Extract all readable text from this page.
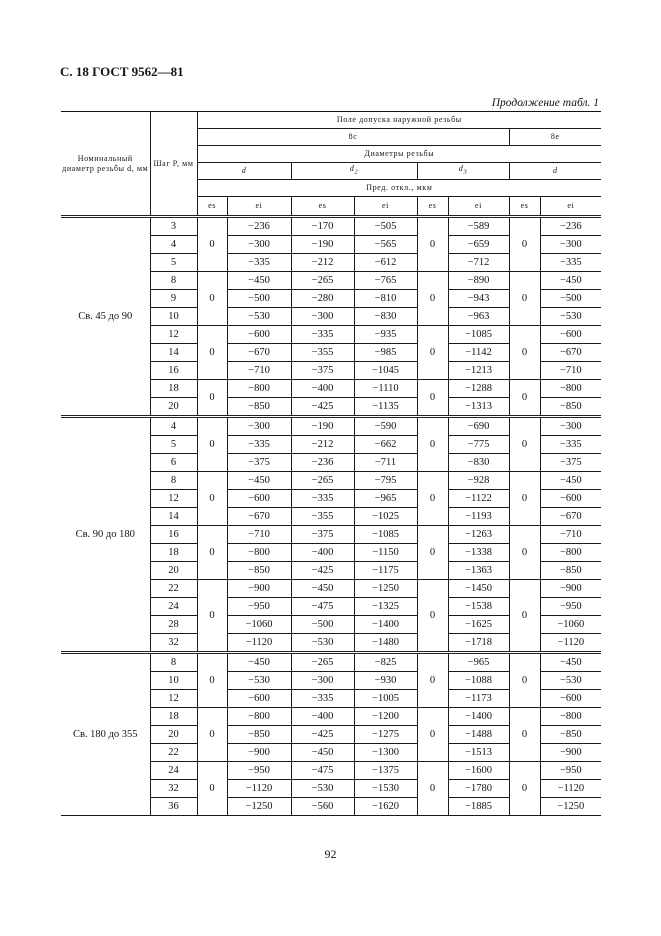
С. 18 ГОСТ 9562—81
Продолжение табл. 1
Номинальный диаметр резьбы d, мм	Шаг P, мм	Поле допуска наружной резьбы							
		8c						8e	
		Диаметры резьбы							
		d		$d_2$		$d_3$		d	
		Пред. откл., мкм							
		es	ei	es	ei	es	ei	es	ei
Св. 45 до 90	3	0	−236	−170	−505	0	−589	0	−236
	4		−300	−190	−565		−659		−300
	5		−335	−212	−612		−712		−335
	8	0	−450	−265	−765	0	−890	0	−450
	9		−500	−280	−810		−943		−500
	10		−530	−300	−830		−963		−530
	12	0	−600	−335	−935	0	−1085	0	−600
	14		−670	−355	−985		−1142		−670
	16		−710	−375	−1045		−1213		−710
	18	0	−800	−400	−1110	0	−1288	0	−800
	20		−850	−425	−1135		−1313		−850
Св. 90 до 180	4	0	−300	−190	−590	0	−690	0	−300
	5		−335	−212	−662		−775		−335
	6		−375	−236	−711		−830		−375
	8	0	−450	−265	−795	0	−928	0	−450
	12		−600	−335	−965		−1122		−600
	14		−670	−355	−1025		−1193		−670
	16	0	−710	−375	−1085	0	−1263	0	−710
	18		−800	−400	−1150		−1338		−800
	20		−850	−425	−1175		−1363		−850
	22	0	−900	−450	−1250	0	−1450	0	−900
	24		−950	−475	−1325		−1538		−950
	28		−1060	−500	−1400		−1625		−1060
	32		−1120	−530	−1480		−1718		−1120
Св. 180 до 355	8	0	−450	−265	−825	0	−965	0	−450
	10		−530	−300	−930		−1088		−530
	12		−600	−335	−1005		−1173		−600
	18	0	−800	−400	−1200	0	−1400	0	−800
	20		−850	−425	−1275		−1488		−850
	22		−900	−450	−1300		−1513		−900
	24	0	−950	−475	−1375	0	−1600	0	−950
	32		−1120	−530	−1530		−1780		−1120
	36		−1250	−560	−1620		−1885		−1250
92
